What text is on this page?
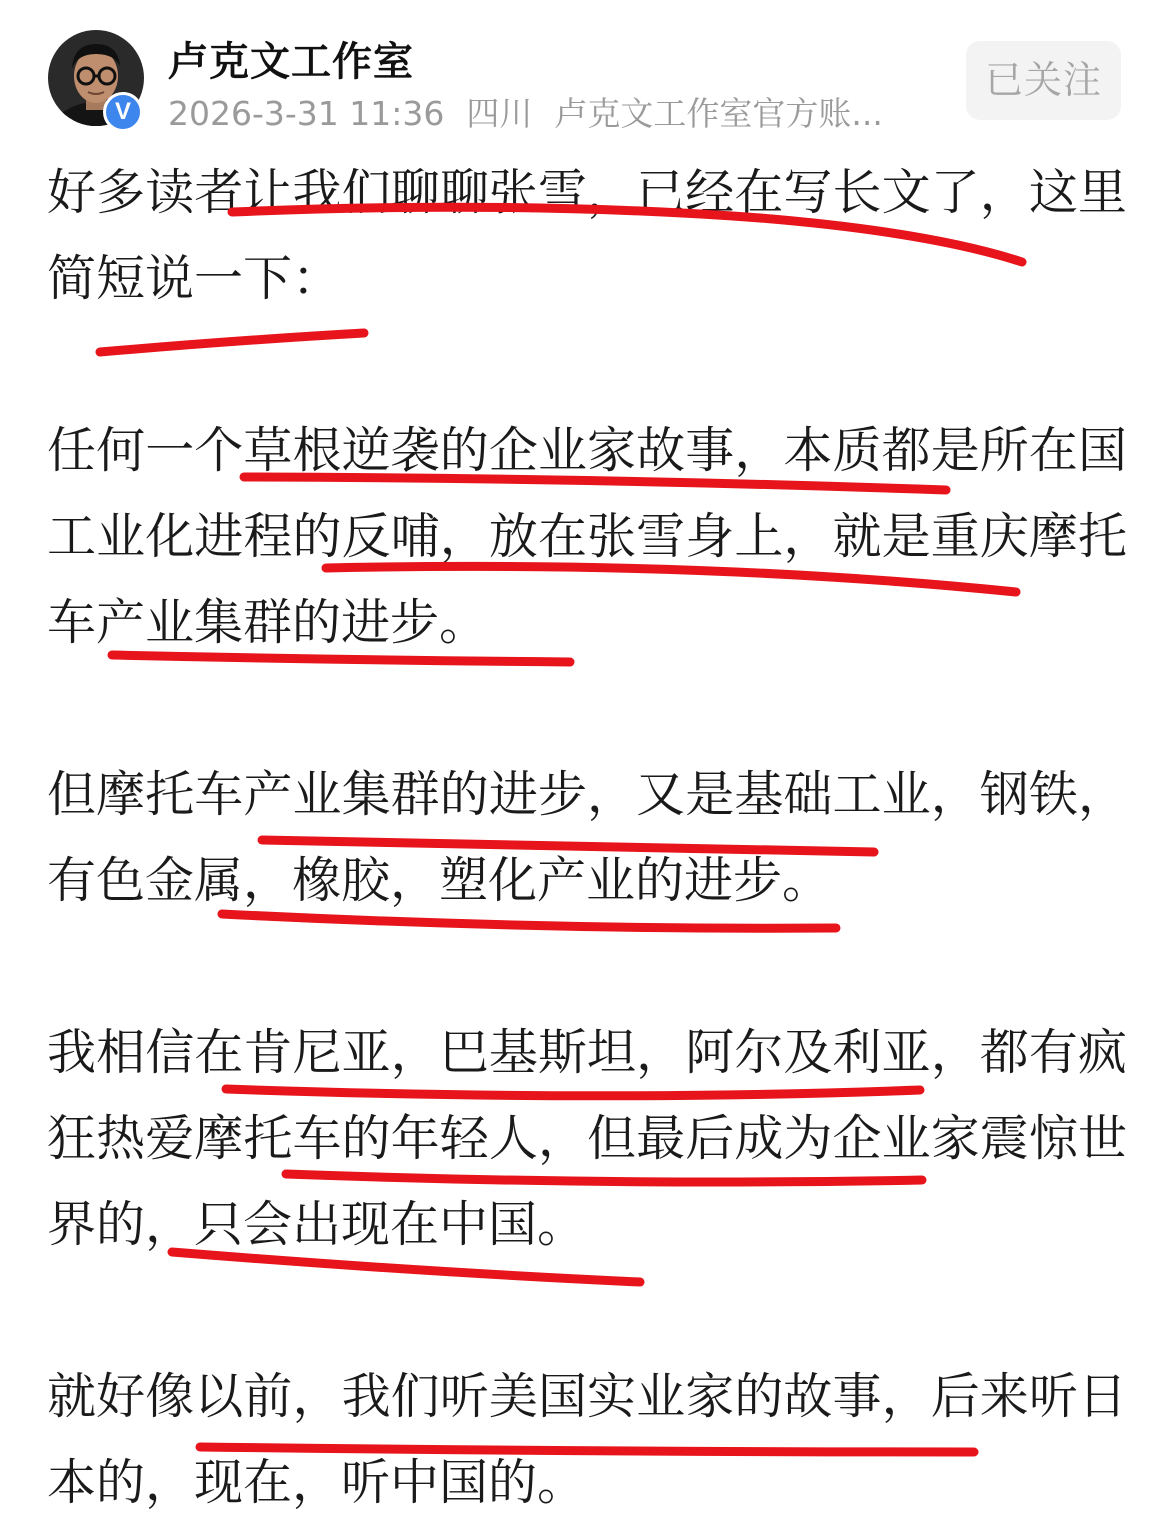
V
卢克文工作室
2026-3-31 11:36 四川 卢克文工作室官方账...
已关注

好多读者让我们聊聊张雪，已经在写长文了，这里简短说一下：

任何一个草根逆袭的企业家故事，本质都是所在国工业化进程的反哺，放在张雪身上，就是重庆摩托车产业集群的进步。

但摩托车产业集群的进步，又是基础工业，钢铁，有色金属，橡胶，塑化产业的进步。

我相信在肯尼亚，巴基斯坦，阿尔及利亚，都有疯狂热爱摩托车的年轻人，但最后成为企业家震惊世界的，只会出现在中国。

就好像以前，我们听美国实业家的故事，后来听日本的，现在，听中国的。
